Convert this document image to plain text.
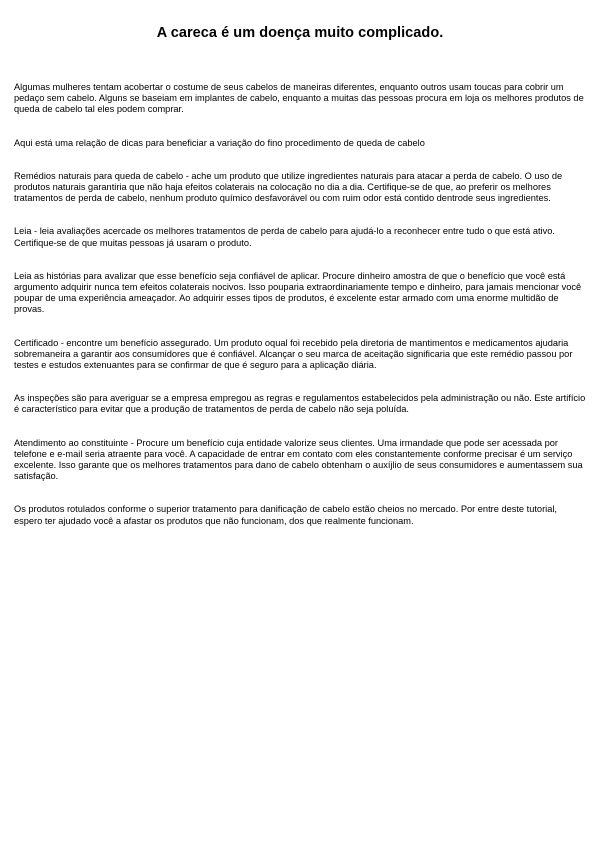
A careca é um doença muito complicado.

Algumas mulheres tentam acobertar o costume de seus cabelos de maneiras diferentes, enquanto outros usam toucas para cobrir um pedaço sem cabelo. Alguns se baseiam em implantes de cabelo, enquanto a muitas das pessoas procura em loja os melhores produtos de queda de cabelo tal eles podem comprar.

Aqui está uma relação de dicas para beneficiar a variação do fino procedimento de queda de cabelo

Remédios naturais para queda de cabelo - ache um produto que utilize ingredientes naturais para atacar a perda de cabelo. O uso de produtos naturais garantiria que não haja efeitos colaterais na colocação no dia a dia. Certifique-se de que, ao preferir os melhores tratamentos de perda de cabelo, nenhum produto químico desfavorável ou com ruim odor está contido dentrode seus ingredientes.

Leia - leia avaliações acercade os melhores tratamentos de perda de cabelo para ajudá-lo a reconhecer entre tudo o que está ativo. Certifique-se de que muitas pessoas já usaram o produto.

Leia as histórias para avalizar que esse benefício seja confiável de aplicar. Procure dinheiro amostra de que o benefício que você está argumento adquirir nunca tem efeitos colaterais nocivos. Isso pouparia extraordinariamente tempo e dinheiro, para jamais mencionar você poupar de uma experiência ameaçador. Ao adquirir esses tipos de produtos, é excelente estar armado com uma enorme multidão de provas.

Certificado - encontre um benefício assegurado. Um produto oqual foi recebido pela diretoria de mantimentos e medicamentos ajudaria sobremaneira a garantir aos consumidores que é confiável. Alcançar o seu marca de aceitação significaria que este remédio passou por testes e estudos extenuantes para se confirmar de que é seguro para a aplicação diária.

As inspeções são para averiguar se a empresa empregou as regras e regulamentos estabelecidos pela administração ou não. Este artifício é característico para evitar que a produção de tratamentos de perda de cabelo não seja poluída.

Atendimento ao constituinte - Procure um benefício cuja entidade valorize seus clientes. Uma irmandade que pode ser acessada por telefone e e-mail seria atraente para você. A capacidade de entrar em contato com eles constantemente conforme precisar é um serviço excelente. Isso garante que os melhores tratamentos para dano de cabelo obtenham o auxíjlio de seus consumidores e aumentassem sua satisfação.

Os produtos rotulados conforme o superior tratamento para danificação de cabelo estão cheios no mercado. Por entre deste tutorial, espero ter ajudado você a afastar os produtos que não funcionam, dos que realmente funcionam.
